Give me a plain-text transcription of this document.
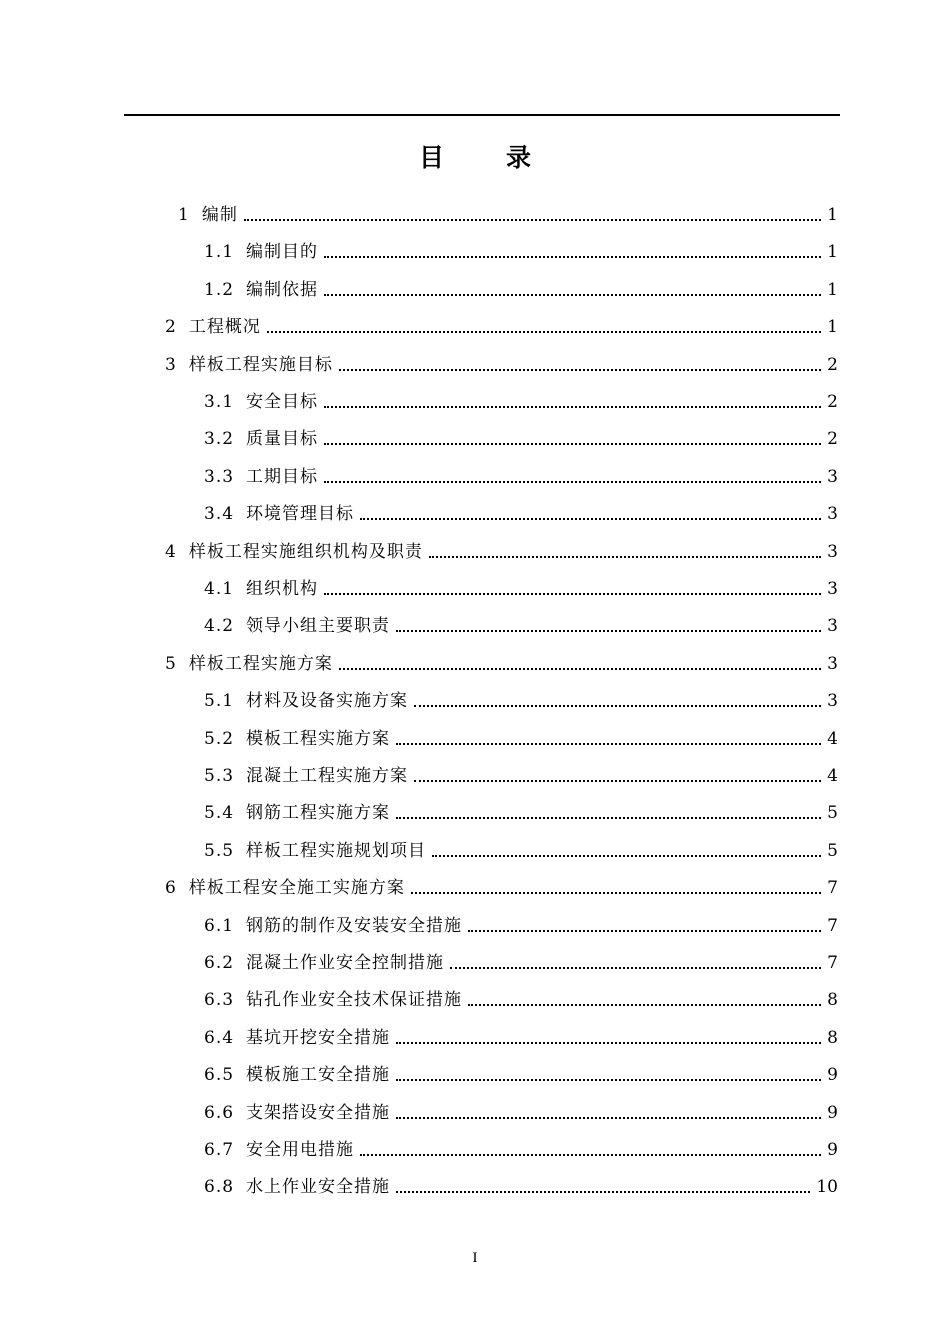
目录
1 编制	1
1.1 编制目的	1
1.2 编制依据	1
2 工程概况	1
3 样板工程实施目标	2
3.1 安全目标	2
3.2 质量目标	2
3.3 工期目标	3
3.4 环境管理目标	3
4 样板工程实施组织机构及职责	3
4.1 组织机构	3
4.2 领导小组主要职责	3
5 样板工程实施方案	3
5.1 材料及设备实施方案	3
5.2 模板工程实施方案	4
5.3 混凝土工程实施方案	4
5.4 钢筋工程实施方案	5
5.5 样板工程实施规划项目	5
6 样板工程安全施工实施方案	7
6.1 钢筋的制作及安装安全措施	7
6.2 混凝土作业安全控制措施	7
6.3 钻孔作业安全技术保证措施	8
6.4 基坑开挖安全措施	8
6.5 模板施工安全措施	9
6.6 支架搭设安全措施	9
6.7 安全用电措施	9
6.8 水上作业安全措施	10
I
